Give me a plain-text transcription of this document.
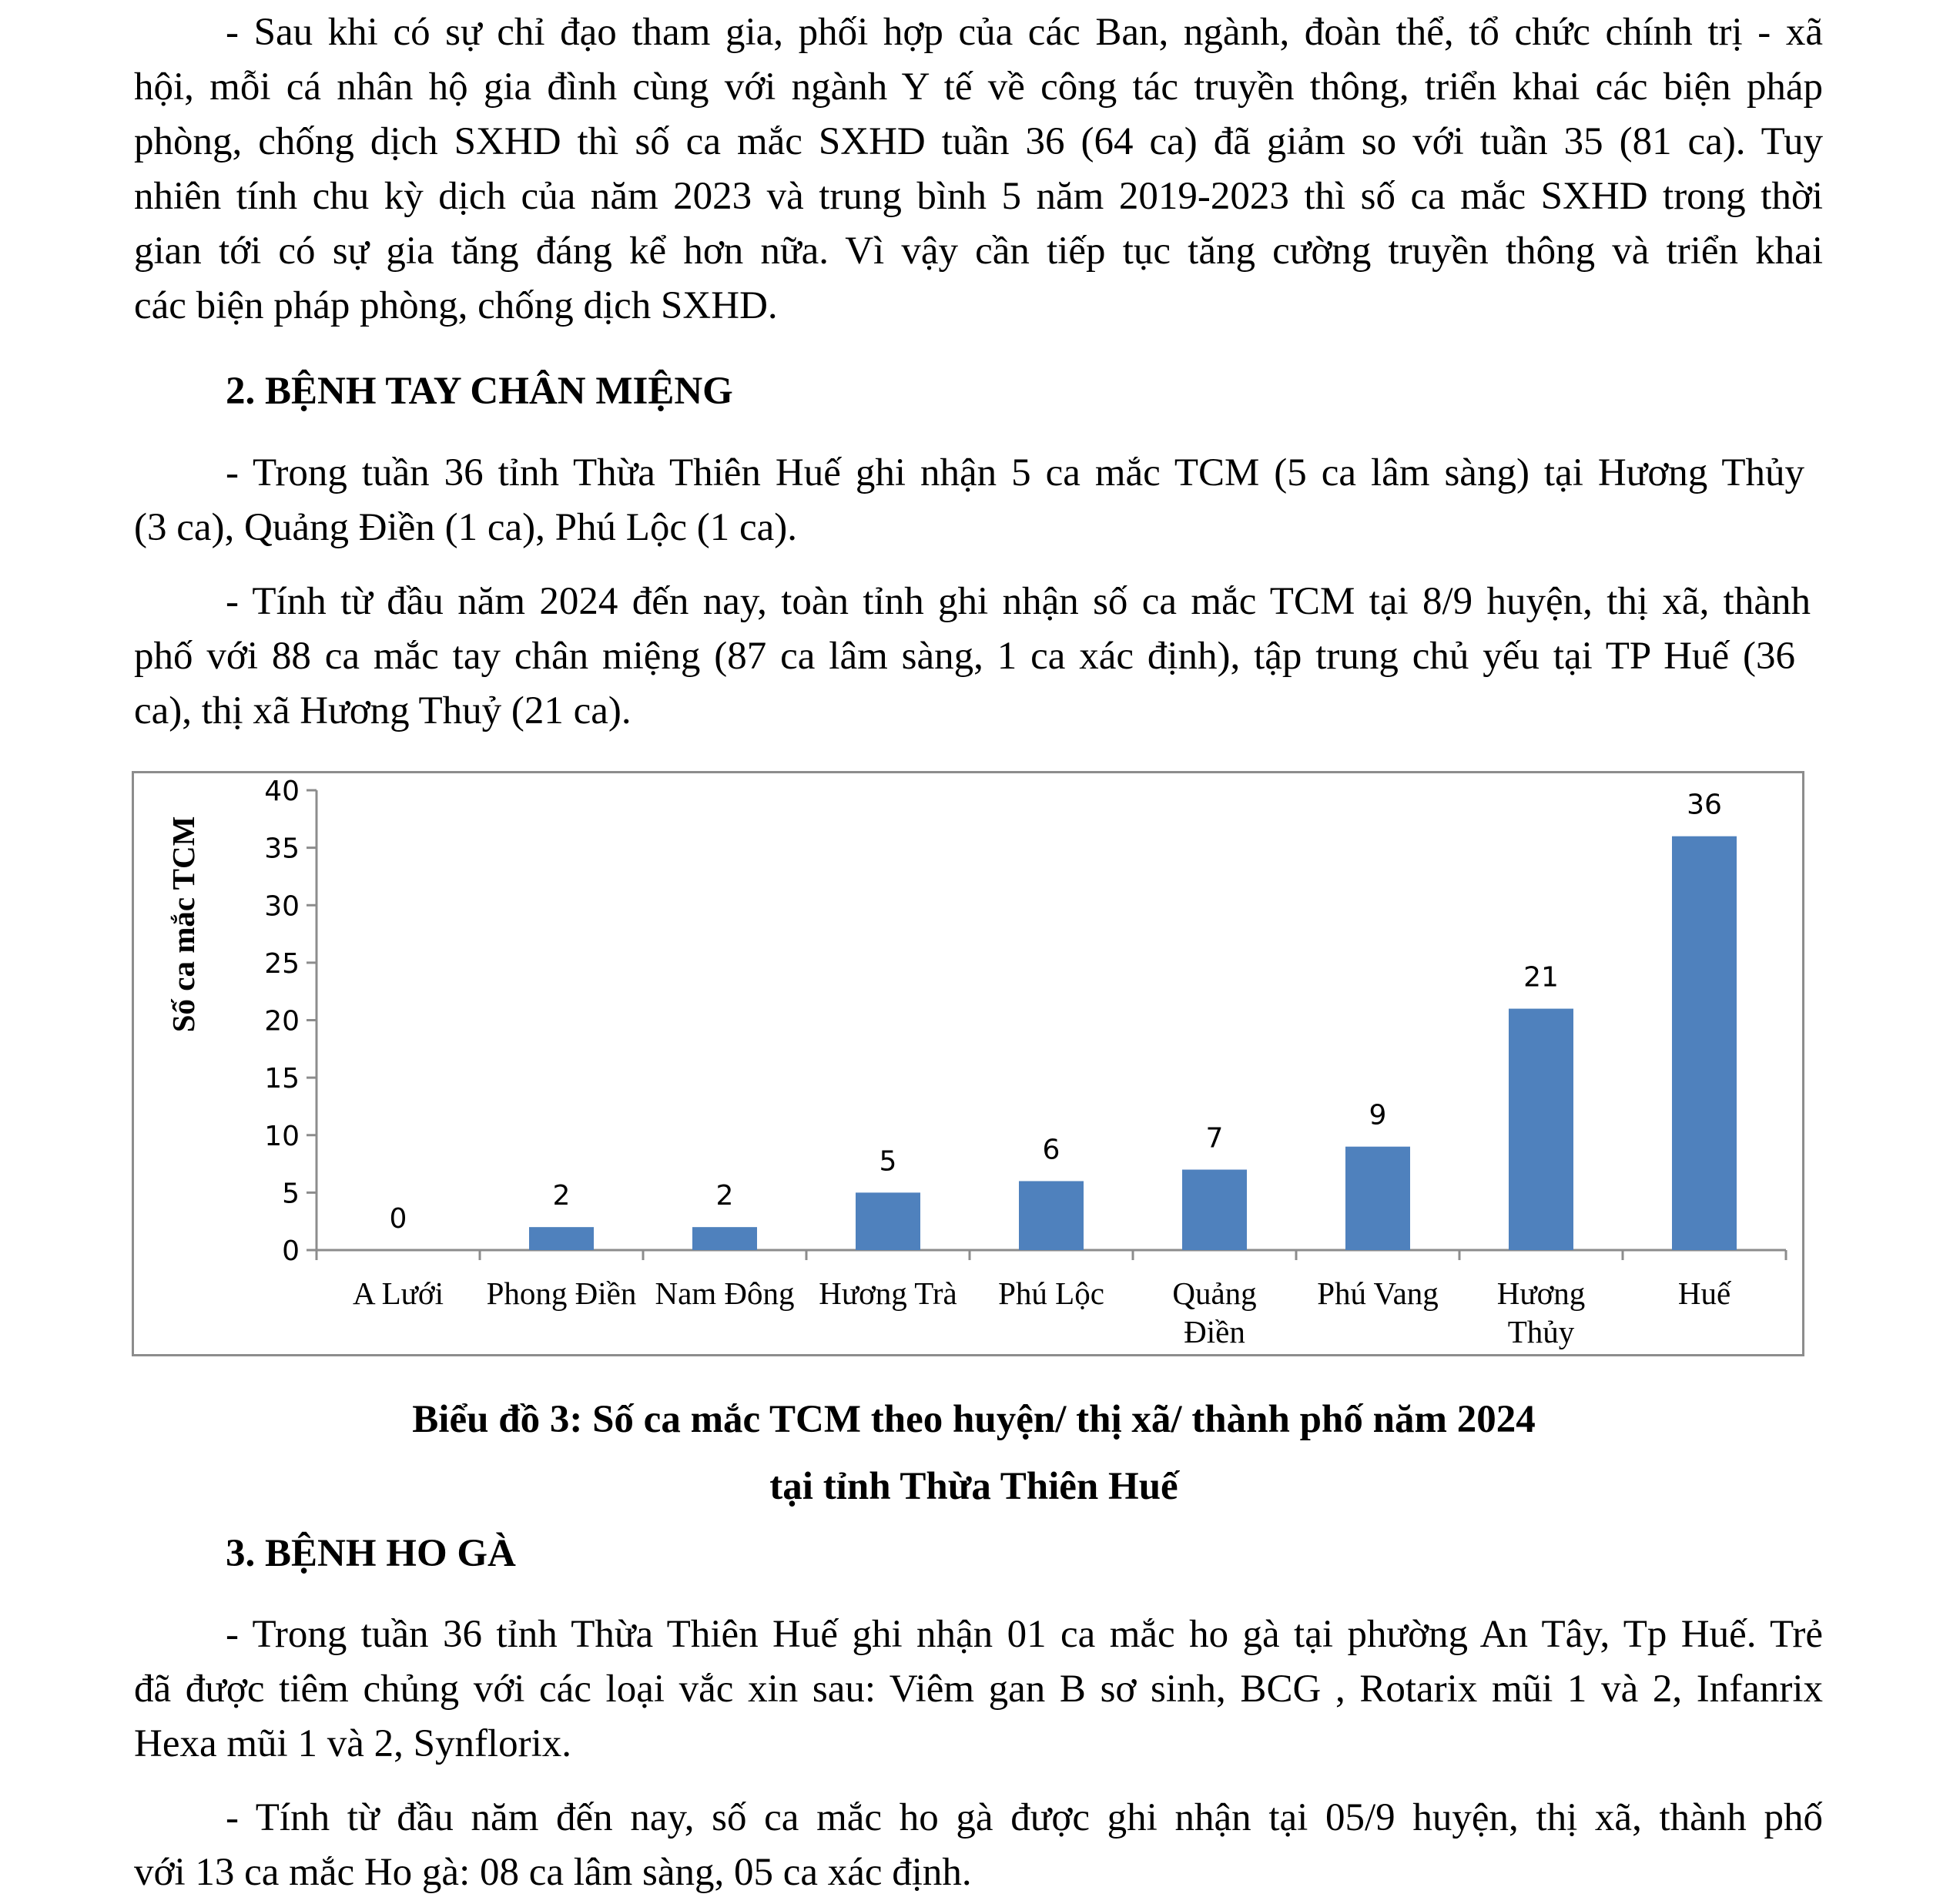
- Sau khi có sự chỉ đạo tham gia, phối hợp của các Ban, ngành, đoàn thể, tổ chức chính trị - xã
hội, mỗi cá nhân hộ gia đình cùng với ngành Y tế về công tác truyền thông, triển khai các biện pháp
phòng, chống dịch SXHD thì số ca mắc SXHD tuần 36 (64 ca) đã giảm so với tuần 35 (81 ca). Tuy
nhiên tính chu kỳ dịch của năm 2023 và trung bình 5 năm 2019-2023 thì số ca mắc SXHD trong thời
gian tới có sự gia tăng đáng kể hơn nữa. Vì vậy cần tiếp tục tăng cường truyền thông và triển khai
các biện pháp phòng, chống dịch SXHD.
2. BỆNH TAY CHÂN MIỆNG
- Trong tuần 36 tỉnh Thừa Thiên Huế ghi nhận 5 ca mắc TCM (5 ca lâm sàng) tại Hương Thủy
(3 ca), Quảng Điền (1 ca), Phú Lộc (1 ca).
- Tính từ đầu năm 2024 đến nay, toàn tỉnh ghi nhận số ca mắc TCM tại 8/9 huyện, thị xã, thành
phố với 88 ca mắc tay chân miệng (87 ca lâm sàng, 1 ca xác định), tập trung chủ yếu tại TP Huế (36
ca), thị xã Hương Thuỷ (21 ca).
0
5
10
15
20
25
30
35
40
A Lưới Phong Điền Nam Đông Hương Trà Phú Lộc Quảng Điền
Phú Vang Hương Thủy
Huế
0
2	2
5	6	7
9
21
36
Số ca mắc TCM
Biểu đồ 3: Số ca mắc TCM theo huyện/ thị xã/ thành phố năm 2024
tại tỉnh Thừa Thiên Huế
3. BỆNH HO GÀ
- Trong tuần 36 tỉnh Thừa Thiên Huế ghi nhận 01 ca mắc ho gà tại phường An Tây, Tp Huế. Trẻ
đã được tiêm chủng với các loại vắc xin sau: Viêm gan B sơ sinh, BCG , Rotarix mũi 1 và 2, Infanrix
Hexa mũi 1 và 2, Synflorix.
- Tính từ đầu năm đến nay, số ca mắc ho gà được ghi nhận tại 05/9 huyện, thị xã, thành phố
với 13 ca mắc Ho gà: 08 ca lâm sàng, 05 ca xác định.
